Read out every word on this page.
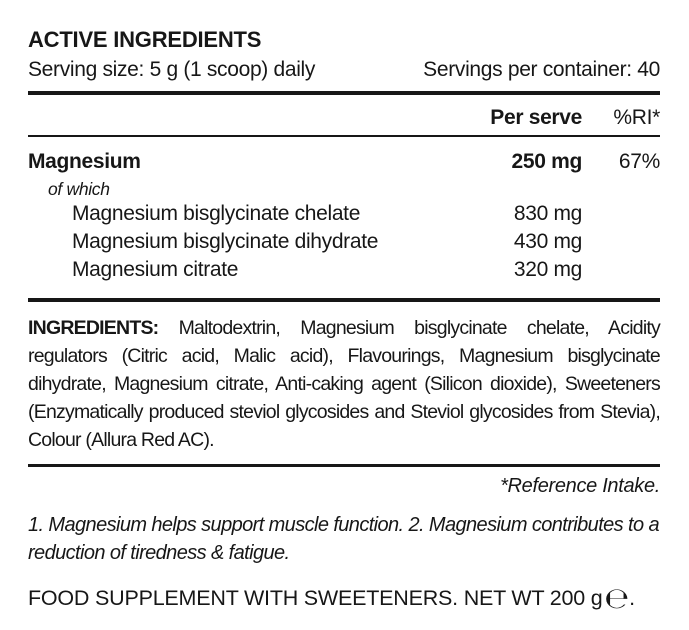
ACTIVE INGREDIENTS
Serving size: 5 g (1 scoop) daily	Servings per container: 40
Per serve	%RI*
Magnesium	250 mg	67%
of which
Magnesium bisglycinate chelate	830 mg
Magnesium bisglycinate dihydrate	430 mg
Magnesium citrate	320 mg

INGREDIENTS: Maltodextrin, Magnesium bisglycinate chelate, Acidity regulators (Citric acid, Malic acid), Flavourings, Magnesium bisglycinate dihydrate, Magnesium citrate, Anti-caking agent (Silicon dioxide), Sweeteners (Enzymatically produced steviol glycosides and Steviol glycosides from Stevia), Colour (Allura Red AC).

*Reference Intake.

1. Magnesium helps support muscle function. 2. Magnesium contributes to a reduction of tiredness & fatigue.

FOOD SUPPLEMENT WITH SWEETENERS. NET WT 200 g℮.
